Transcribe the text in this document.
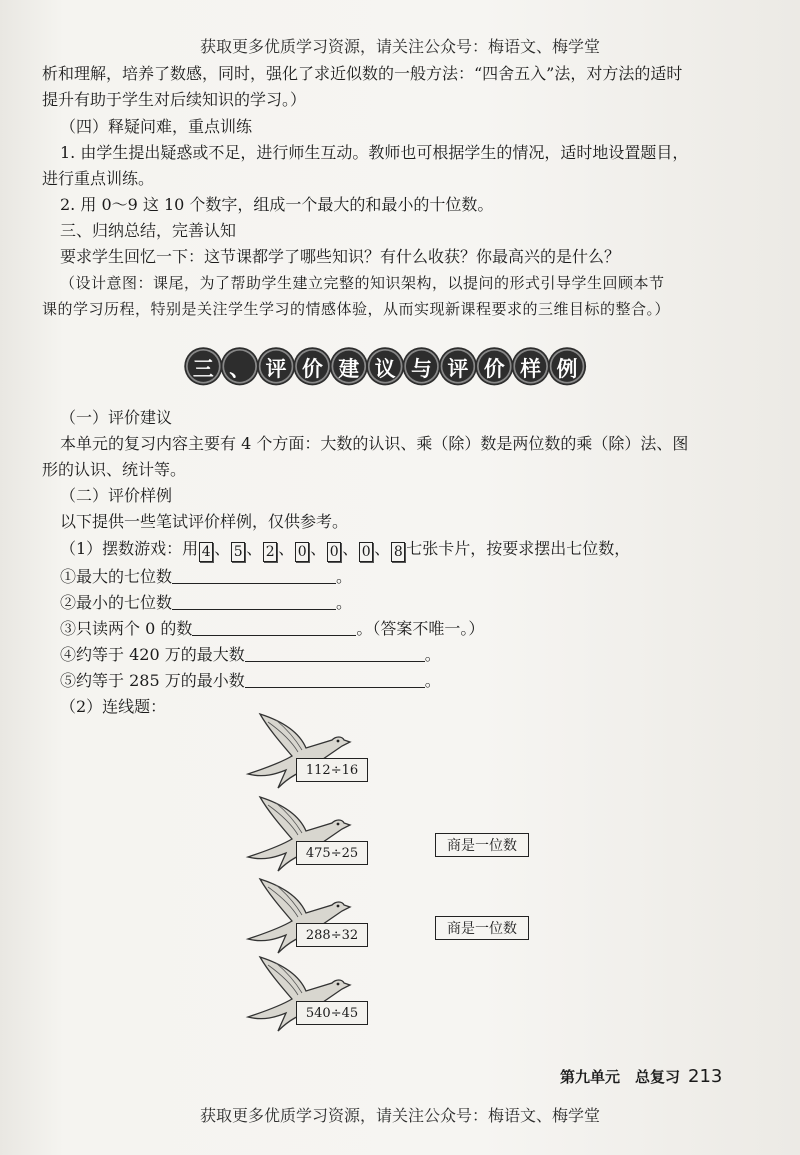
获取更多优质学习资源，请关注公众号：梅语文、梅学堂
析和理解，培养了数感，同时，强化了求近似数的一般方法：“四舍五入”法，对方法的适时
提升有助于学生对后续知识的学习。）
（四）释疑问难，重点训练
1. 由学生提出疑惑或不足，进行师生互动。教师也可根据学生的情况，适时地设置题目，
进行重点训练。
2. 用 0～9 这 10 个数字，组成一个最大的和最小的十位数。
三、归纳总结，完善认知
要求学生回忆一下：这节课都学了哪些知识？有什么收获？你最高兴的是什么？
（设计意图：课尾，为了帮助学生建立完整的知识架构，以提问的形式引导学生回顾本节
课的学习历程，特别是关注学生学习的情感体验，从而实现新课程要求的三维目标的整合。）
三 、 评 价 建 议 与 评 价 样 例
（一）评价建议
本单元的复习内容主要有 4 个方面：大数的认识、乘（除）数是两位数的乘（除）法、图
形的认识、统计等。
（二）评价样例
以下提供一些笔试评价样例，仅供参考。
（1）摆数游戏：用 4 、 5 、 2 、 0 、 0 、 0 、 8 七张卡片，按要求摆出七位数，
①最大的七位数	。
②最小的七位数	。
③只读两个 0 的数	。（答案不唯一。）
④约等于 420 万的最大数	。
⑤约等于 285 万的最小数	。
（2）连线题：
112÷16
475÷25
288÷32
540÷45
商是一位数
商是一位数
第九单元　总复习 213
获取更多优质学习资源，请关注公众号：梅语文、梅学堂
